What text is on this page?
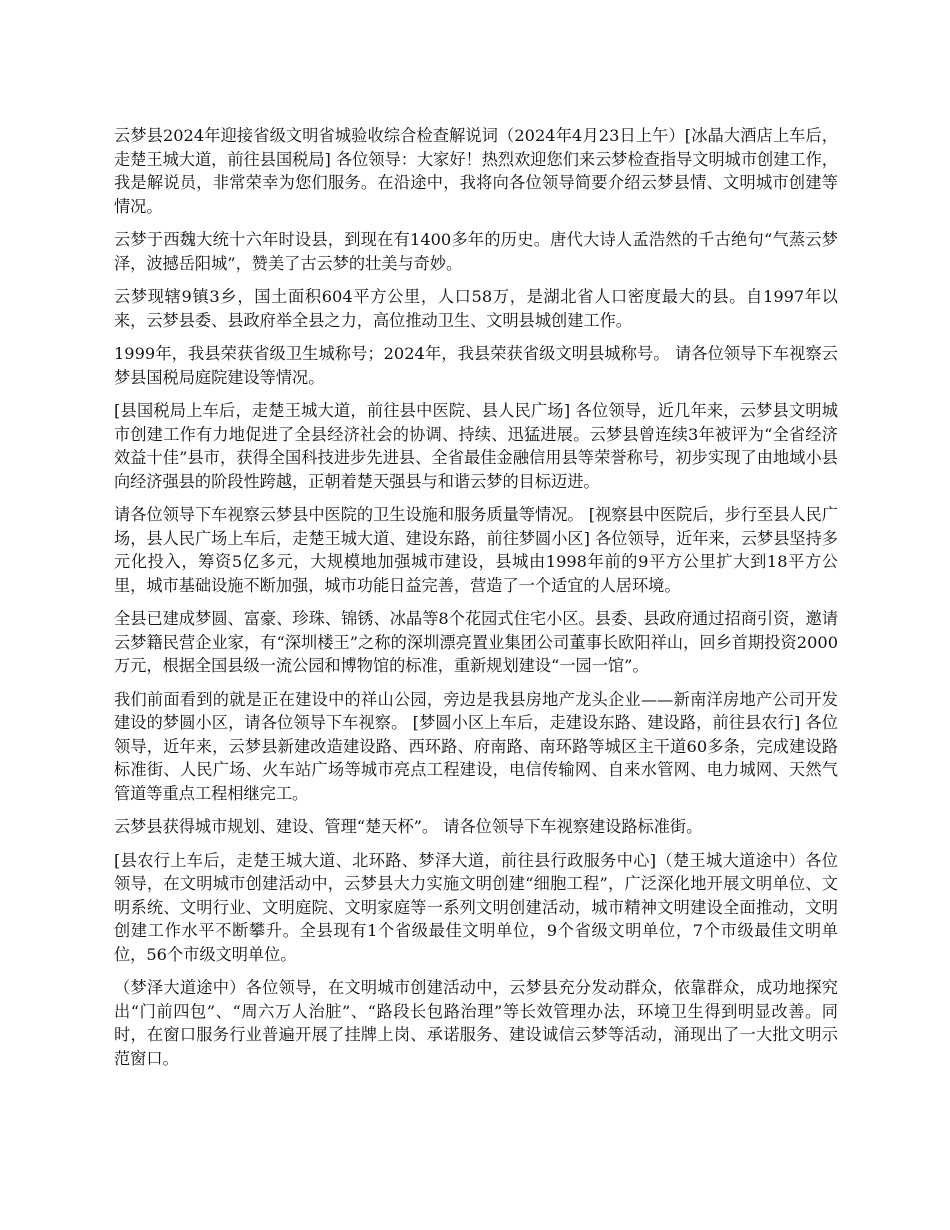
云梦县2024年迎接省级文明省城验收综合检查解说词（2024年4月23日上午）[冰晶大酒店上车后，走楚王城大道，前往县国税局] 各位领导：大家好！热烈欢迎您们来云梦检查指导文明城市创建工作，我是解说员，非常荣幸为您们服务。在沿途中，我将向各位领导简要介绍云梦县情、文明城市创建等情况。

云梦于西魏大统十六年时设县，到现在有1400多年的历史。唐代大诗人孟浩然的千古绝句“气蒸云梦泽，波撼岳阳城”，赞美了古云梦的壮美与奇妙。

云梦现辖9镇3乡，国土面积604平方公里，人口58万，是湖北省人口密度最大的县。自1997年以来，云梦县委、县政府举全县之力，高位推动卫生、文明县城创建工作。

1999年，我县荣获省级卫生城称号；2024年，我县荣获省级文明县城称号。 请各位领导下车视察云梦县国税局庭院建设等情况。

[县国税局上车后，走楚王城大道，前往县中医院、县人民广场] 各位领导，近几年来，云梦县文明城市创建工作有力地促进了全县经济社会的协调、持续、迅猛进展。云梦县曾连续3年被评为“全省经济效益十佳”县市，获得全国科技进步先进县、全省最佳金融信用县等荣誉称号，初步实现了由地域小县向经济强县的阶段性跨越，正朝着楚天强县与和谐云梦的目标迈进。

请各位领导下车视察云梦县中医院的卫生设施和服务质量等情况。 [视察县中医院后，步行至县人民广场，县人民广场上车后，走楚王城大道、建设东路，前往梦圆小区] 各位领导，近年来，云梦县坚持多元化投入，筹资5亿多元，大规模地加强城市建设，县城由1998年前的9平方公里扩大到18平方公里，城市基础设施不断加强，城市功能日益完善，营造了一个适宜的人居环境。

全县已建成梦圆、富豪、珍珠、锦锈、冰晶等8个花园式住宅小区。县委、县政府通过招商引资，邀请云梦籍民营企业家，有“深圳楼王”之称的深圳漂亮置业集团公司董事长欧阳祥山，回乡首期投资2000万元，根据全国县级一流公园和博物馆的标准，重新规划建设“一园一馆”。

我们前面看到的就是正在建设中的祥山公园，旁边是我县房地产龙头企业——新南洋房地产公司开发建设的梦圆小区，请各位领导下车视察。 [梦圆小区上车后，走建设东路、建设路，前往县农行] 各位领导，近年来，云梦县新建改造建设路、西环路、府南路、南环路等城区主干道60多条，完成建设路标准街、人民广场、火车站广场等城市亮点工程建设，电信传输网、自来水管网、电力城网、天然气管道等重点工程相继完工。

云梦县获得城市规划、建设、管理“楚天杯”。 请各位领导下车视察建设路标准街。

[县农行上车后，走楚王城大道、北环路、梦泽大道，前往县行政服务中心]（楚王城大道途中）各位领导，在文明城市创建活动中，云梦县大力实施文明创建“细胞工程”，广泛深化地开展文明单位、文明系统、文明行业、文明庭院、文明家庭等一系列文明创建活动，城市精神文明建设全面推动，文明创建工作水平不断攀升。全县现有1个省级最佳文明单位，9个省级文明单位，7个市级最佳文明单位，56个市级文明单位。

（梦泽大道途中）各位领导，在文明城市创建活动中，云梦县充分发动群众，依靠群众，成功地探究出“门前四包”、“周六万人治脏”、“路段长包路治理”等长效管理办法，环境卫生得到明显改善。同时，在窗口服务行业普遍开展了挂牌上岗、承诺服务、建设诚信云梦等活动，涌现出了一大批文明示范窗口。
